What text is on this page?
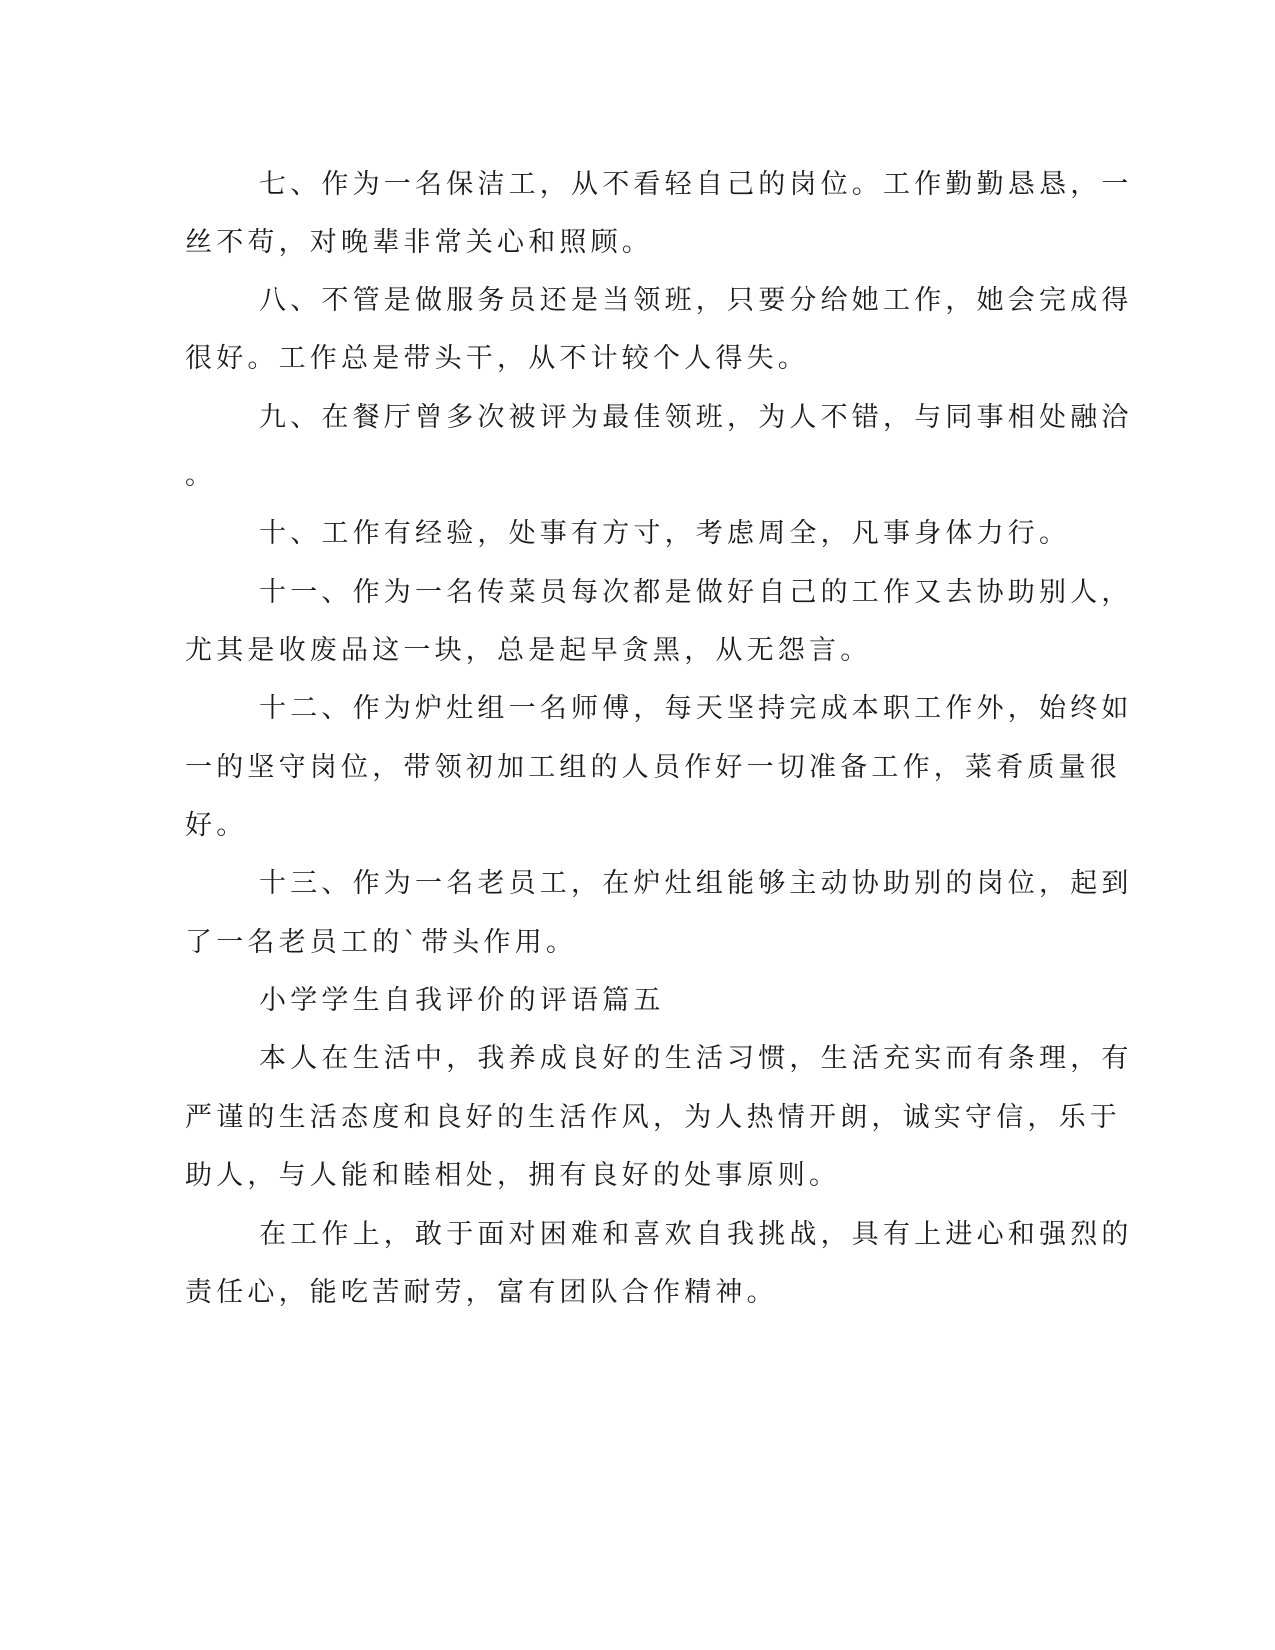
七、作为一名保洁工，从不看轻自己的岗位。工作勤勤恳恳，一
丝不苟，对晚辈非常关心和照顾。
八、不管是做服务员还是当领班，只要分给她工作，她会完成得
很好。工作总是带头干，从不计较个人得失。
九、在餐厅曾多次被评为最佳领班，为人不错，与同事相处融洽
。
十、工作有经验，处事有方寸，考虑周全，凡事身体力行。
十一、作为一名传菜员每次都是做好自己的工作又去协助别人，
尤其是收废品这一块，总是起早贪黑，从无怨言。
十二、作为炉灶组一名师傅，每天坚持完成本职工作外，始终如
一的坚守岗位，带领初加工组的人员作好一切准备工作，菜肴质量很
好。
十三、作为一名老员工，在炉灶组能够主动协助别的岗位，起到
了一名老员工的`带头作用。
小学学生自我评价的评语篇五
本人在生活中，我养成良好的生活习惯，生活充实而有条理，有
严谨的生活态度和良好的生活作风，为人热情开朗，诚实守信，乐于
助人，与人能和睦相处，拥有良好的处事原则。
在工作上，敢于面对困难和喜欢自我挑战，具有上进心和强烈的
责任心，能吃苦耐劳，富有团队合作精神。
